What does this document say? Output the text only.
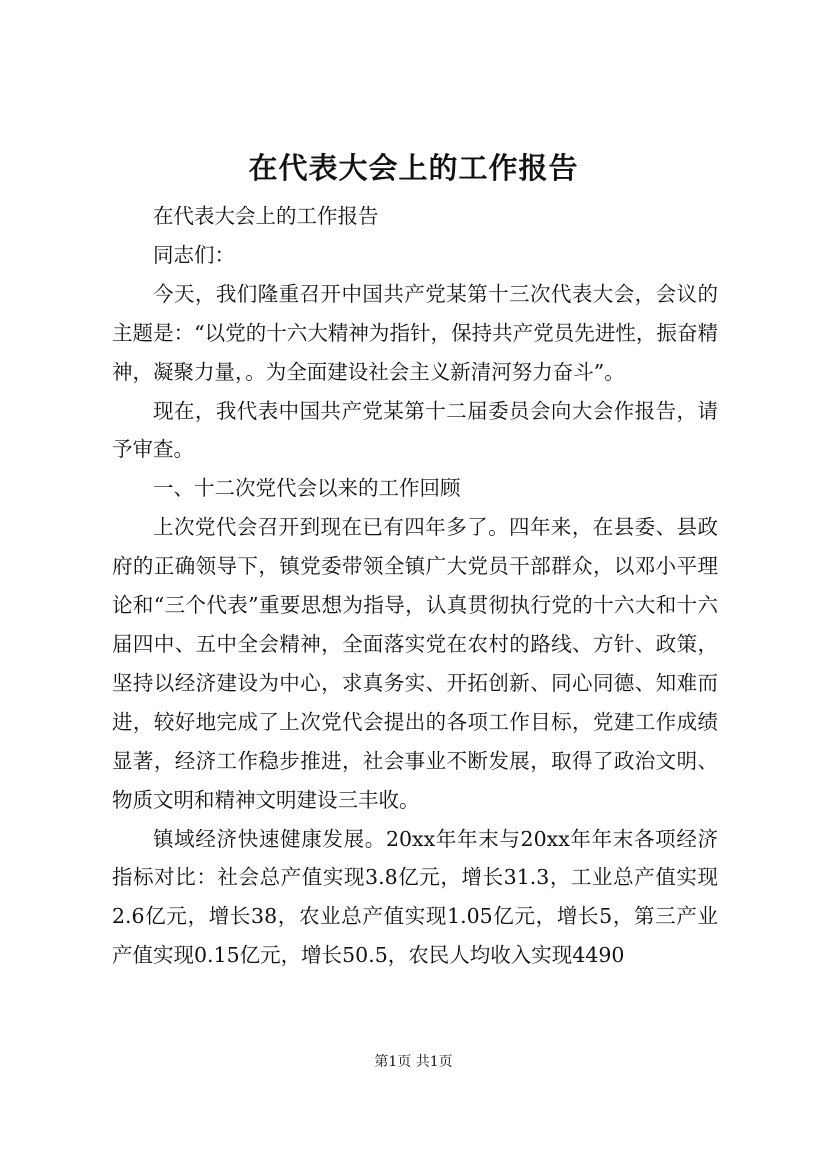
在代表大会上的工作报告

在代表大会上的工作报告

同志们：

今天，我们隆重召开中国共产党某第十三次代表大会，会议的主题是：“以党的十六大精神为指针，保持共产党员先进性，振奋精神，凝聚力量，。为全面建设社会主义新清河努力奋斗”。

现在，我代表中国共产党某第十二届委员会向大会作报告，请予审查。

一、十二次党代会以来的工作回顾

上次党代会召开到现在已有四年多了。四年来，在县委、县政府的正确领导下，镇党委带领全镇广大党员干部群众，以邓小平理论和“三个代表”重要思想为指导，认真贯彻执行党的十六大和十六届四中、五中全会精神，全面落实党在农村的路线、方针、政策，坚持以经济建设为中心，求真务实、开拓创新、同心同德、知难而进，较好地完成了上次党代会提出的各项工作目标，党建工作成绩显著，经济工作稳步推进，社会事业不断发展，取得了政治文明、物质文明和精神文明建设三丰收。

镇域经济快速健康发展。20xx年年末与20xx年年末各项经济指标对比：社会总产值实现3.8亿元，增长31.3，工业总产值实现2.6亿元，增长38，农业总产值实现1.05亿元，增长5，第三产业产值实现0.15亿元，增长50.5，农民人均收入实现4490

第1页 共1页
